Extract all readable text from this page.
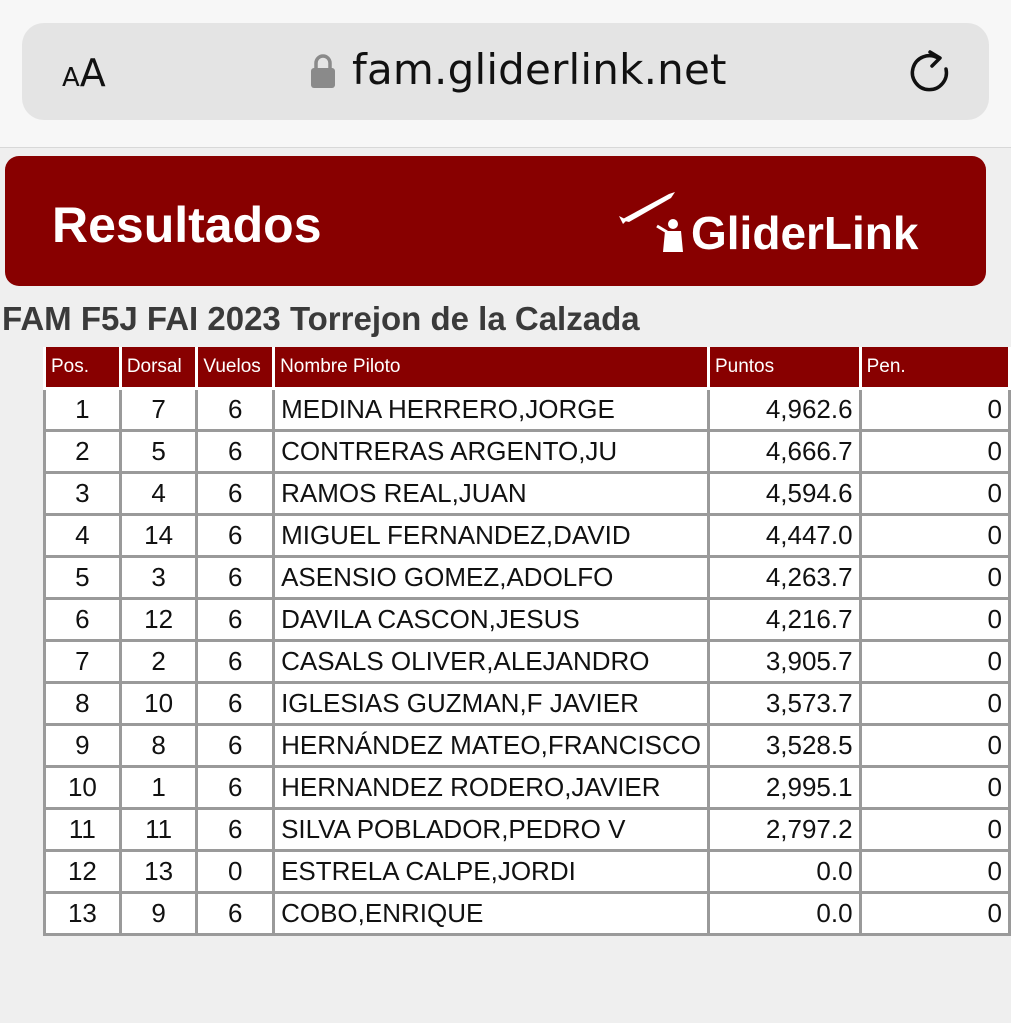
AA	fam.gliderlink.net
Resultados	GliderLink
FAM F5J FAI 2023 Torrejon de la Calzada
Pos.	Dorsal	Vuelos	Nombre Piloto	Puntos	Pen.
1	7	6	MEDINA HERRERO,JORGE	4,962.6	0
2	5	6	CONTRERAS ARGENTO,JU	4,666.7	0
3	4	6	RAMOS REAL,JUAN	4,594.6	0
4	14	6	MIGUEL FERNANDEZ,DAVID	4,447.0	0
5	3	6	ASENSIO GOMEZ,ADOLFO	4,263.7	0
6	12	6	DAVILA CASCON,JESUS	4,216.7	0
7	2	6	CASALS OLIVER,ALEJANDRO	3,905.7	0
8	10	6	IGLESIAS GUZMAN,F JAVIER	3,573.7	0
9	8	6	HERNÁNDEZ MATEO,FRANCISCO	3,528.5	0
10	1	6	HERNANDEZ RODERO,JAVIER	2,995.1	0
11	11	6	SILVA POBLADOR,PEDRO V	2,797.2	0
12	13	0	ESTRELA CALPE,JORDI	0.0	0
13	9	6	COBO,ENRIQUE	0.0	0
